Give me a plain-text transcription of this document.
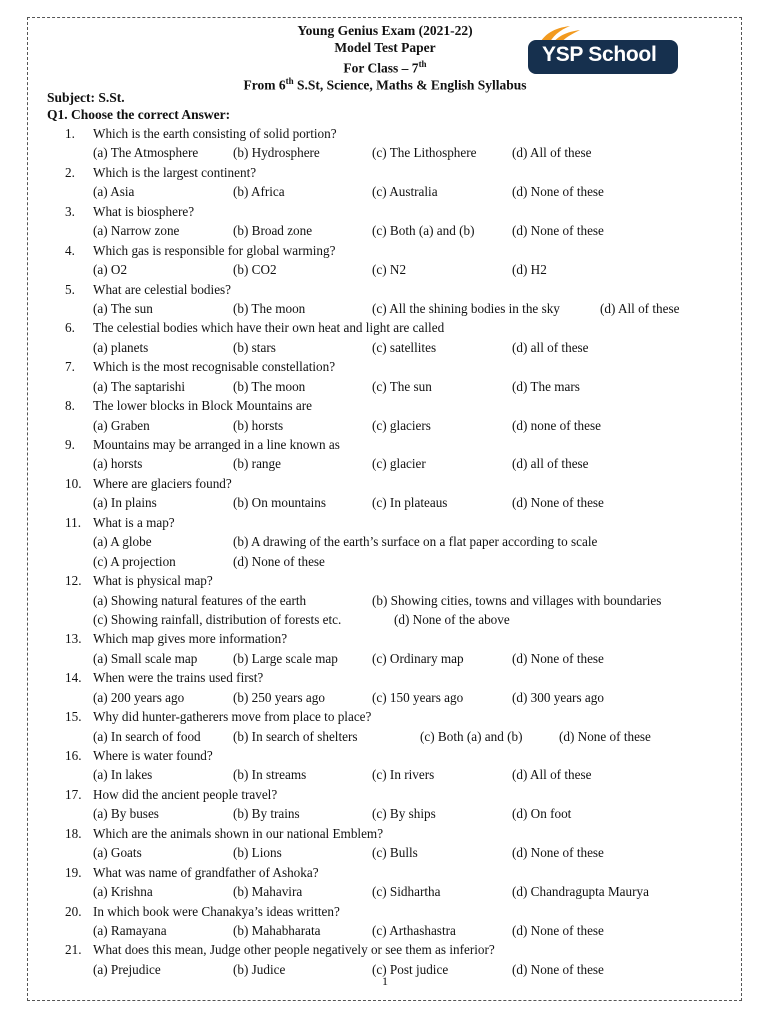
Young Genius Exam (2021-22)
Model Test Paper
For Class – 7th
From 6th S.St, Science, Maths & English Syllabus
YSP School
Subject: S.St.
Q1. Choose the correct Answer:
1. Which is the earth consisting of solid portion?
(a) The Atmosphere	(b) Hydrosphere	(c) The Lithosphere	(d) All of these
2. Which is the largest continent?
(a) Asia	(b) Africa	(c) Australia	(d) None of these
3. What is biosphere?
(a) Narrow zone	(b) Broad zone	(c) Both (a) and (b)	(d) None of these
4. Which gas is responsible for global warming?
(a) O2	(b) CO2	(c) N2	(d) H2
5. What are celestial bodies?
(a) The sun	(b) The moon	(c) All the shining bodies in the sky	(d) All of these
6. The celestial bodies which have their own heat and light are called
(a) planets	(b) stars	(c) satellites	(d) all of these
7. Which is the most recognisable constellation?
(a) The saptarishi	(b) The moon	(c) The sun	(d) The mars
8. The lower blocks in Block Mountains are
(a) Graben	(b) horsts	(c) glaciers	(d) none of these
9. Mountains may be arranged in a line known as
(a) horsts	(b) range	(c) glacier	(d) all of these
10. Where are glaciers found?
(a) In plains	(b) On mountains	(c) In plateaus	(d) None of these
11. What is a map?
(a) A globe	(b) A drawing of the earth’s surface on a flat paper according to scale
(c) A projection	(d) None of these
12. What is physical map?
(a) Showing natural features of the earth	(b) Showing cities, towns and villages with boundaries
(c) Showing rainfall, distribution of forests etc.	(d) None of the above
13. Which map gives more information?
(a) Small scale map	(b) Large scale map	(c) Ordinary map	(d) None of these
14. When were the trains used first?
(a) 200 years ago	(b) 250 years ago	(c) 150 years ago	(d) 300 years ago
15. Why did hunter-gatherers move from place to place?
(a) In search of food (b) In search of shelters	(c) Both (a) and (b)	(d) None of these
16. Where is water found?
(a) In lakes	(b) In streams	(c) In rivers	(d) All of these
17. How did the ancient people travel?
(a) By buses	(b) By trains	(c) By ships	(d) On foot
18. Which are the animals shown in our national Emblem?
(a) Goats	(b) Lions	(c) Bulls	(d) None of these
19. What was name of grandfather of Ashoka?
(a) Krishna	(b) Mahavira	(c) Sidhartha	(d) Chandragupta Maurya
20. In which book were Chanakya’s ideas written?
(a) Ramayana	(b) Mahabharata	(c) Arthashastra	(d) None of these
21. What does this mean, Judge other people negatively or see them as inferior?
(a) Prejudice	(b) Judice	(c) Post judice	(d) None of these
1
